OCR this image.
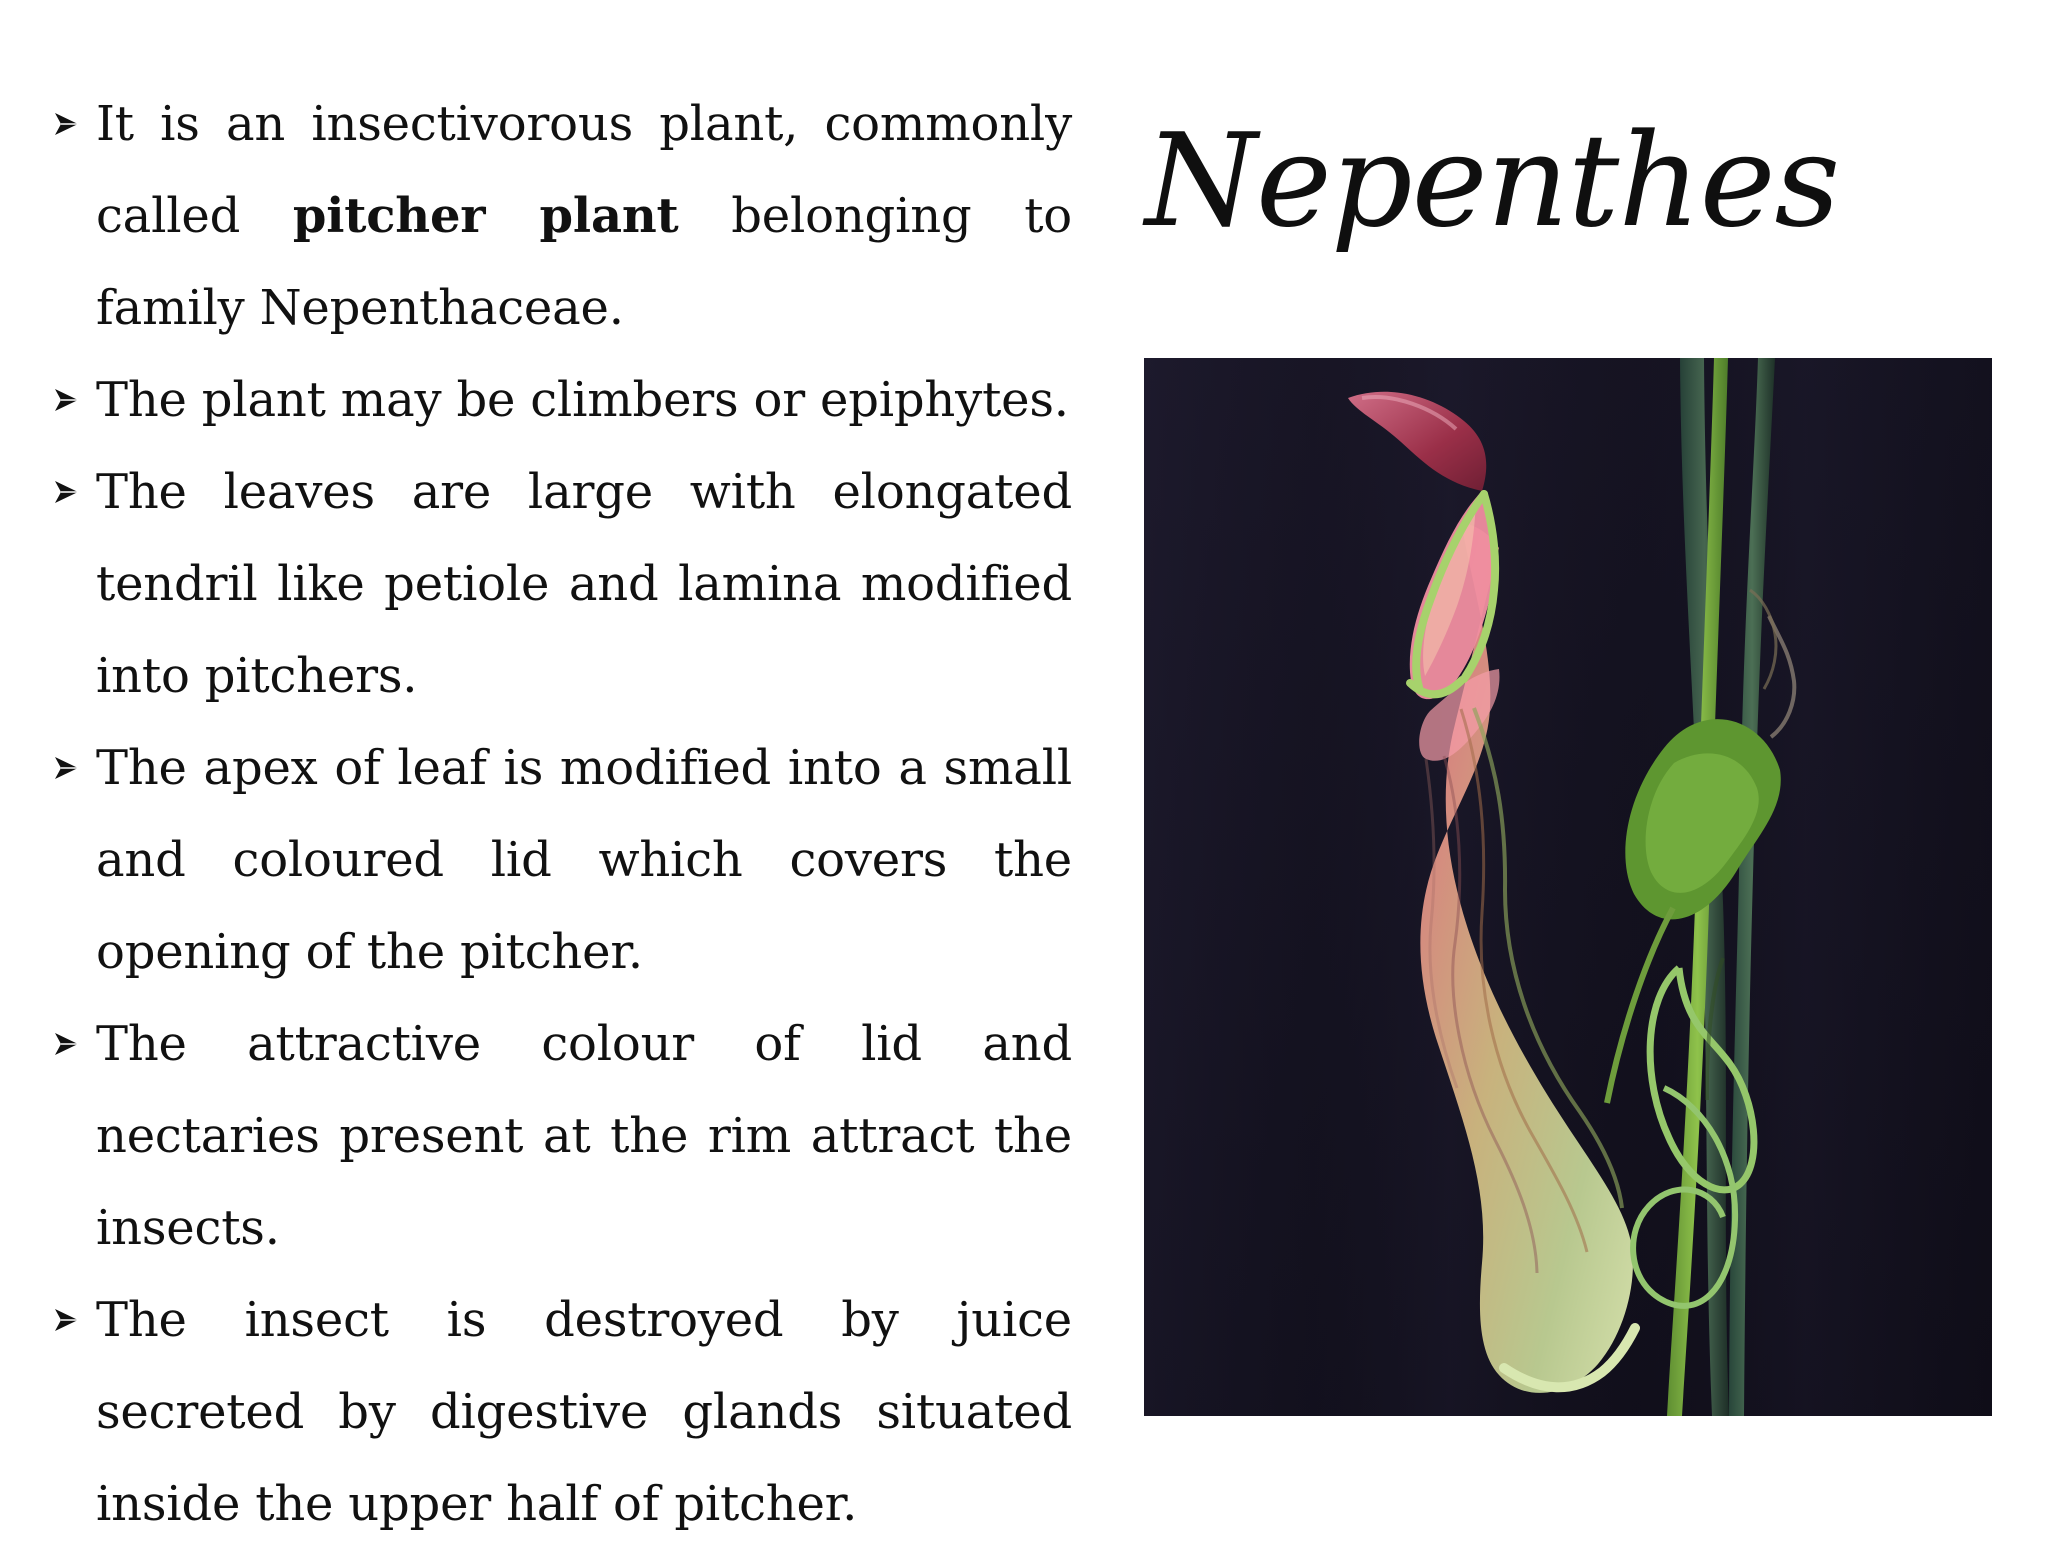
It is an insectivorous plant, commonly called pitcher plant belonging to family Nepenthaceae.
The plant may be climbers or epiphytes.
The leaves are large with elongated tendril like petiole and lamina modified into pitchers.
The apex of leaf is modified into a small and coloured lid which covers the opening of the pitcher.
The attractive colour of lid and nectaries present at the rim attract the insects.
The insect is destroyed by juice secreted by digestive glands situated inside the upper half of pitcher.
Nepenthes
